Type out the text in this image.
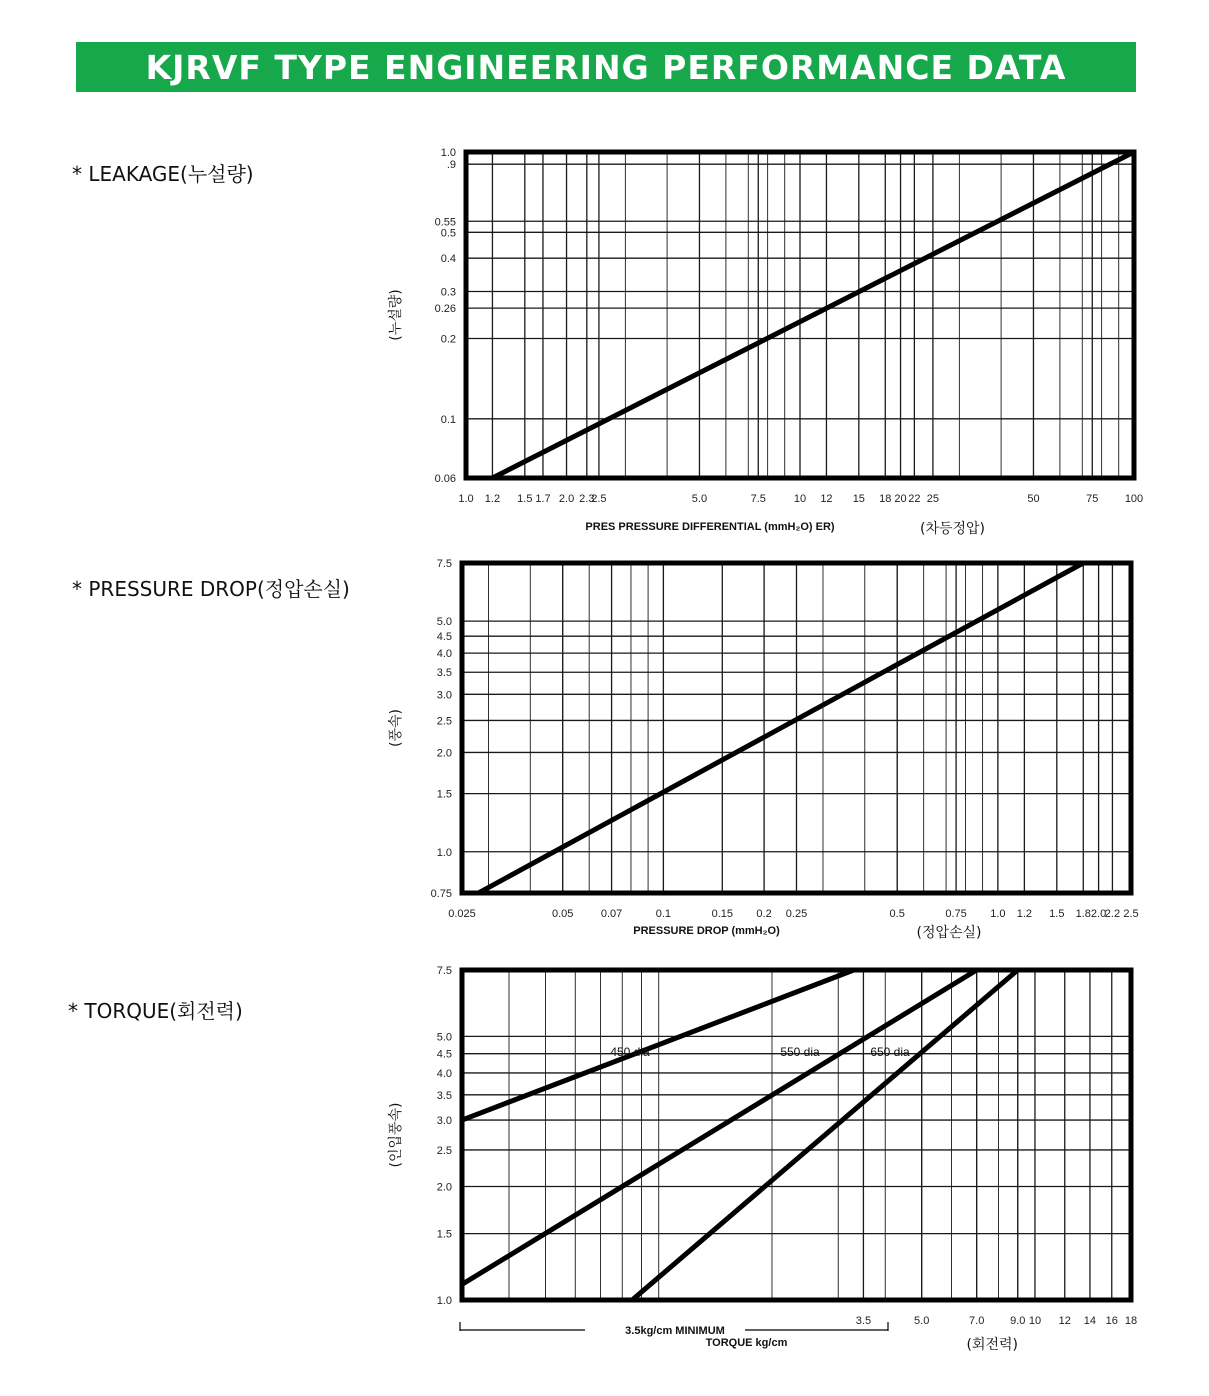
KJRVF TYPE ENGINEERING PERFORMANCE DATA
* LEAKAGE(누설량)
* PRESSURE DROP(정압손실)
* TORQUE(회전력)
1.0 1.2 1.5 1.7 2.0 2.3
2.5	5.0	7.5	10 12 15 18 20 22 25	50	75 100
1.0
.9
0.55
0.5
0.4
0.3
0.26
0.2
0.1
0.06
PRES PRESSURE DIFFERENTIAL (mmH₂O) ER)	(차등정압)
(누설량)
0.025	0.05 0.07	0.1	0.15 0.2 0.25	0.5	0.75 1.0 1.2 1.5 1.8 2.0
2.2 2.5
7.5
5.0
4.5
4.0
3.5
3.0
2.5
2.0
1.5
1.0
0.75
PRESSURE DROP (mmH₂O)	(정압손실)
(풍속)
3.5	5.0	7.0 9.0 10 12 14 16 18
7.5
5.0
4.5
4.0
3.5
3.0
2.5
2.0
1.5
1.0
TORQUE kg/cm	(회전력)
(인입풍속)
450 dia	550 dia	650 dia
3.5kg/cm MINIMUM
